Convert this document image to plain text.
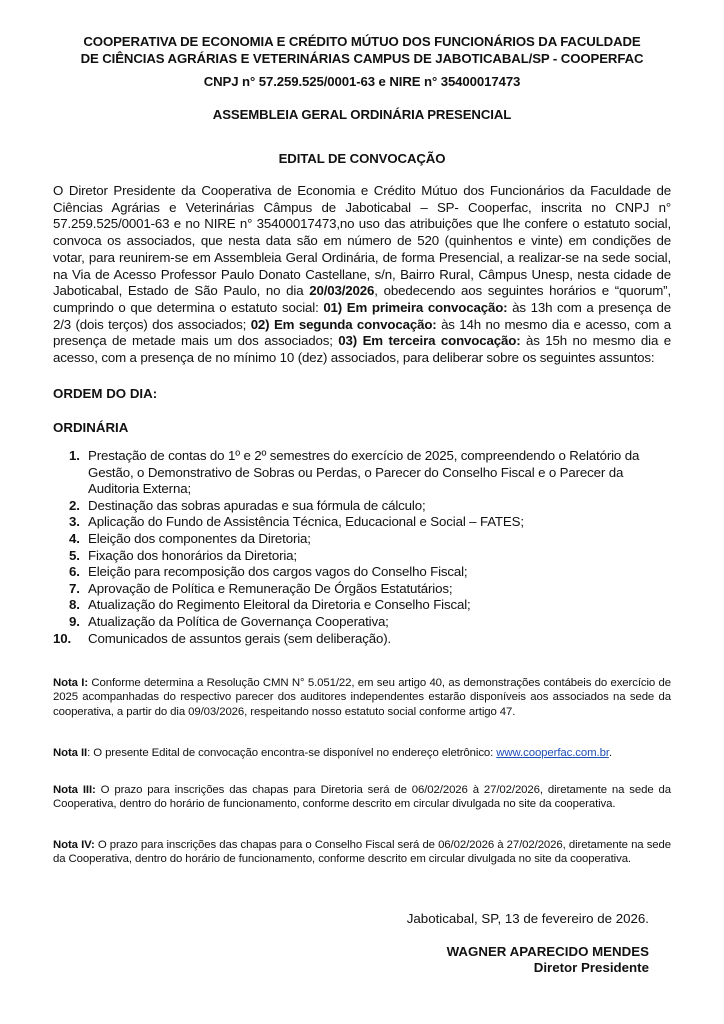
COOPERATIVA DE ECONOMIA E CRÉDITO MÚTUO DOS FUNCIONÁRIOS DA FACULDADE
DE CIÊNCIAS AGRÁRIAS E VETERINÁRIAS CAMPUS DE JABOTICABAL/SP - COOPERFAC
CNPJ n° 57.259.525/0001-63 e NIRE n° 35400017473
ASSEMBLEIA GERAL ORDINÁRIA PRESENCIAL
EDITAL DE CONVOCAÇÃO

O Diretor Presidente da Cooperativa de Economia e Crédito Mútuo dos Funcionários da Faculdade de Ciências Agrárias e Veterinárias Câmpus de Jaboticabal – SP- Cooperfac, inscrita no CNPJ n° 57.259.525/0001-63 e no NIRE n° 35400017473,no uso das atribuições que lhe confere o estatuto social, convoca os associados, que nesta data são em número de 520 (quinhentos e vinte) em condições de votar, para reunirem-se em Assembleia Geral Ordinária, de forma Presencial, a realizar-se na sede social, na Via de Acesso Professor Paulo Donato Castellane, s/n, Bairro Rural, Câmpus Unesp, nesta cidade de Jaboticabal, Estado de São Paulo, no dia 20/03/2026, obedecendo aos seguintes horários e “quorum”, cumprindo o que determina o estatuto social: 01) Em primeira convocação: às 13h com a presença de 2/3 (dois terços) dos associados; 02) Em segunda convocação: às 14h no mesmo dia e acesso, com a presença de metade mais um dos associados; 03) Em terceira convocação: às 15h no mesmo dia e acesso, com a presença de no mínimo 10 (dez) associados, para deliberar sobre os seguintes assuntos:

ORDEM DO DIA:
ORDINÁRIA
1. Prestação de contas do 1º e 2º semestres do exercício de 2025, compreendendo o Relatório da Gestão, o Demonstrativo de Sobras ou Perdas, o Parecer do Conselho Fiscal e o Parecer da Auditoria Externa;
2. Destinação das sobras apuradas e sua fórmula de cálculo;
3. Aplicação do Fundo de Assistência Técnica, Educacional e Social – FATES;
4. Eleição dos componentes da Diretoria;
5. Fixação dos honorários da Diretoria;
6. Eleição para recomposição dos cargos vagos do Conselho Fiscal;
7. Aprovação de Política e Remuneração De Órgãos Estatutários;
8. Atualização do Regimento Eleitoral da Diretoria e Conselho Fiscal;
9. Atualização da Política de Governança Cooperativa;
10. Comunicados de assuntos gerais (sem deliberação).

Nota I: Conforme determina a Resolução CMN N° 5.051/22, em seu artigo 40, as demonstrações contábeis do exercício de 2025 acompanhadas do respectivo parecer dos auditores independentes estarão disponíveis aos associados na sede da cooperativa, a partir do dia 09/03/2026, respeitando nosso estatuto social conforme artigo 47.

Nota II: O presente Edital de convocação encontra-se disponível no endereço eletrônico: www.cooperfac.com.br.

Nota III: O prazo para inscrições das chapas para Diretoria será de 06/02/2026 à 27/02/2026, diretamente na sede da Cooperativa, dentro do horário de funcionamento, conforme descrito em circular divulgada no site da cooperativa.

Nota IV: O prazo para inscrições das chapas para o Conselho Fiscal será de 06/02/2026 à 27/02/2026, diretamente na sede da Cooperativa, dentro do horário de funcionamento, conforme descrito em circular divulgada no site da cooperativa.

Jaboticabal, SP, 13 de fevereiro de 2026.
WAGNER APARECIDO MENDES
Diretor Presidente
